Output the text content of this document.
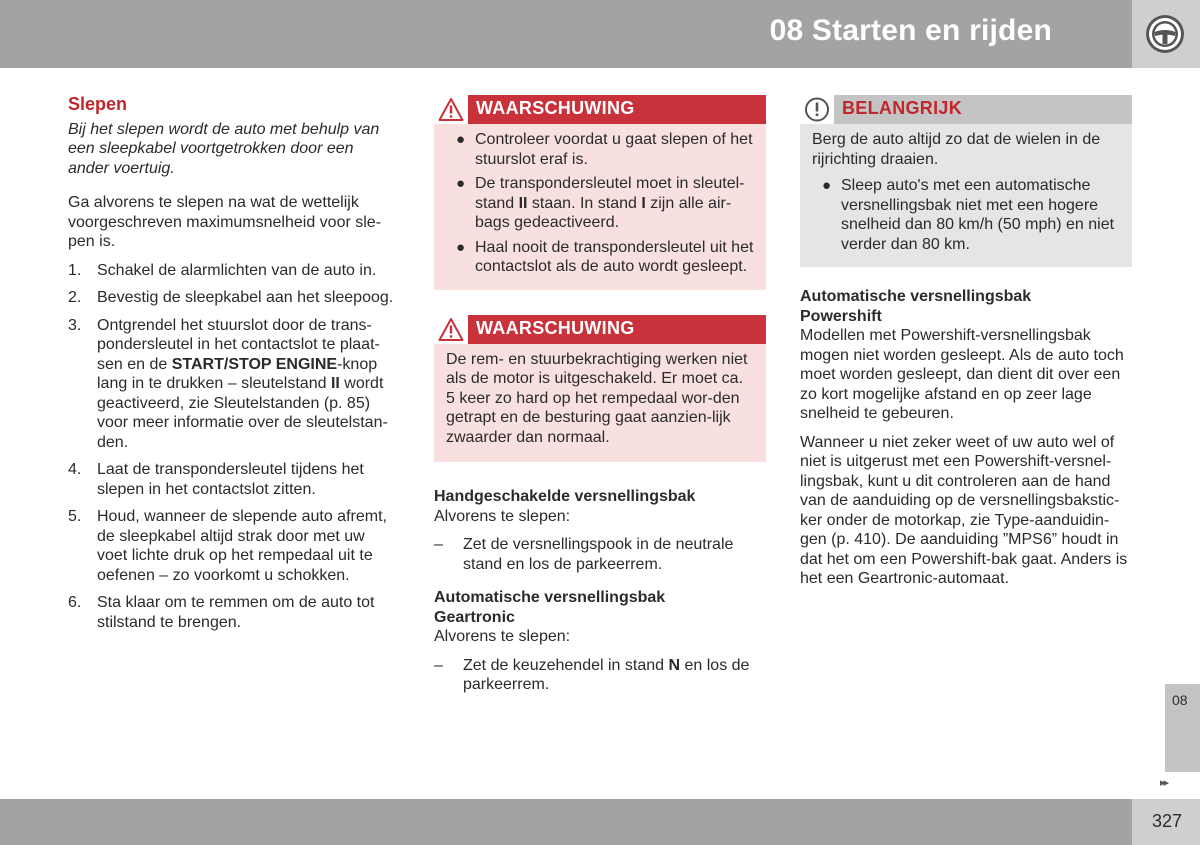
08 Starten en rijden
Slepen

Bij het slepen wordt de auto met behulp van een sleepkabel voortgetrokken door een ander voertuig.

Ga alvorens te slepen na wat de wettelijk voorgeschreven maximumsnelheid voor sle-pen is.

1. Schakel de alarmlichten van de auto in.
2. Bevestig de sleepkabel aan het sleepoog.
3. Ontgrendel het stuurslot door de trans-pondersleutel in het contactslot te plaat-sen en de START/STOP ENGINE-knop lang in te drukken – sleutelstand II wordt geactiveerd, zie Sleutelstanden (p. 85) voor meer informatie over de sleutelstan-den.
4. Laat de transpondersleutel tijdens het slepen in het contactslot zitten.
5. Houd, wanneer de slepende auto afremt, de sleepkabel altijd strak door met uw voet lichte druk op het rempedaal uit te oefenen – zo voorkomt u schokken.
6. Sta klaar om te remmen om de auto tot stilstand te brengen.
WAARSCHUWING
● Controleer voordat u gaat slepen of het stuurslot eraf is.
● De transpondersleutel moet in sleutel-stand II staan. In stand I zijn alle air-bags gedeactiveerd.
● Haal nooit de transpondersleutel uit het contactslot als de auto wordt gesleept.
WAARSCHUWING

De rem- en stuurbekrachtiging werken niet als de motor is uitgeschakeld. Er moet ca. 5 keer zo hard op het rempedaal wor-den getrapt en de besturing gaat aanzien-lijk zwaarder dan normaal.

Handgeschakelde versnellingsbak

Alvorens te slepen:

– Zet de versnellingspook in de neutrale stand en los de parkeerrem.
Automatische versnellingsbak
Geartronic

Alvorens te slepen:

– Zet de keuzehendel in stand N en los de parkeerrem.
BELANGRIJK

Berg de auto altijd zo dat de wielen in de rijrichting draaien.

● Sleep auto's met een automatische versnellingsbak niet met een hogere snelheid dan 80 km/h (50 mph) en niet verder dan 80 km.
Automatische versnellingsbak
Powershift

Modellen met Powershift-versnellingsbak mogen niet worden gesleept. Als de auto toch moet worden gesleept, dan dient dit over een zo kort mogelijke afstand en op zeer lage snelheid te gebeuren.

Wanneer u niet zeker weet of uw auto wel of niet is uitgerust met een Powershift-versnel-lingsbak, kunt u dit controleren aan de hand van de aanduiding op de versnellingsbakstic-ker onder de motorkap, zie Type-aanduidin-gen (p. 410). De aanduiding ”MPS6” houdt in dat het om een Powershift-bak gaat. Anders is het een Geartronic-automaat.

08
▸▸
327
